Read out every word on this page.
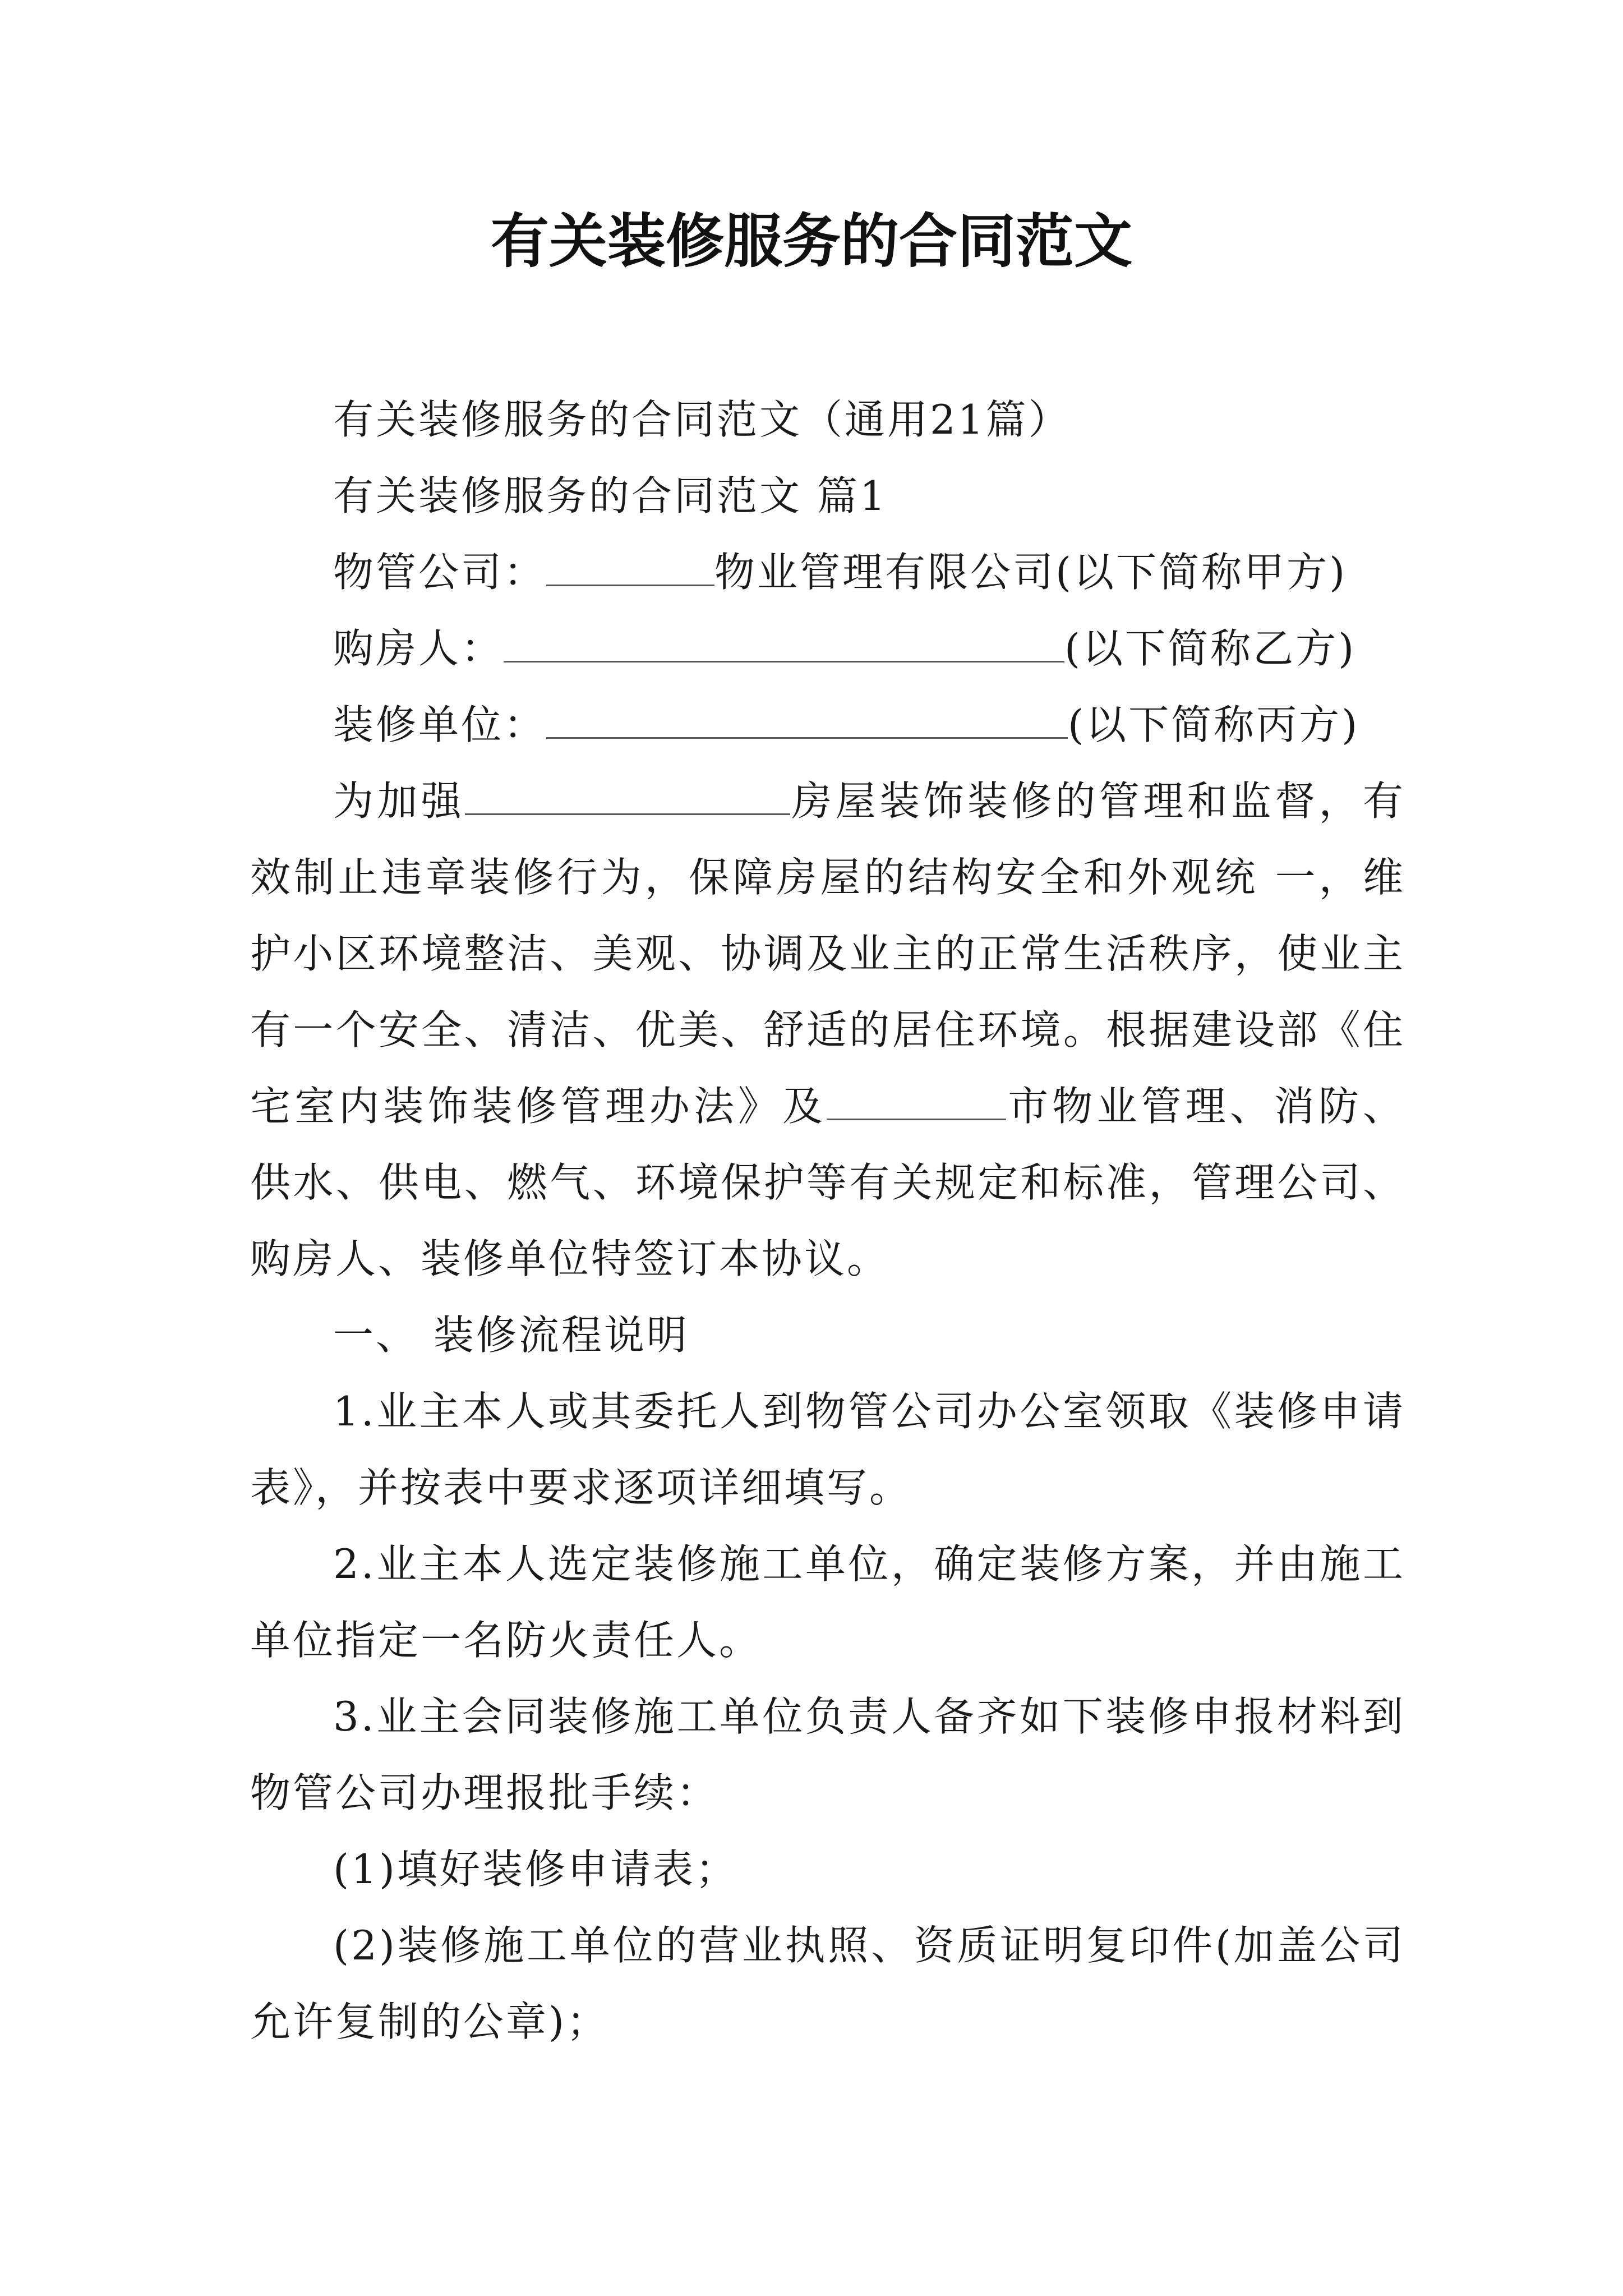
有关装修服务的合同范文

有关装修服务的合同范文（通用21篇）

有关装修服务的合同范文 篇1

物管公司：	物业管理有限公司(以下简称甲方)

购房人：	(以下简称乙方)

装修单位：	(以下简称丙方)

为加强	房屋装饰装修的管理和监督，有效制止违章装修行为，保障房屋的结构安全和外观统 一，维护小区环境整洁、美观、协调及业主的正常生活秩序，使业主有一个安全、清洁、优美、舒适的居住环境。根据建设部《住宅室内装饰装修管理办法》及	市物业管理、消防、供水、供电、燃气、环境保护等有关规定和标准，管理公司、购房人、装修单位特签订本协议。

一、 装修流程说明

1.业主本人或其委托人到物管公司办公室领取《装修申请表》，并按表中要求逐项详细填写。

2.业主本人选定装修施工单位，确定装修方案，并由施工单位指定一名防火责任人。

3.业主会同装修施工单位负责人备齐如下装修申报材料到物管公司办理报批手续：

(1)填好装修申请表；

(2)装修施工单位的营业执照、资质证明复印件(加盖公司允许复制的公章)；
